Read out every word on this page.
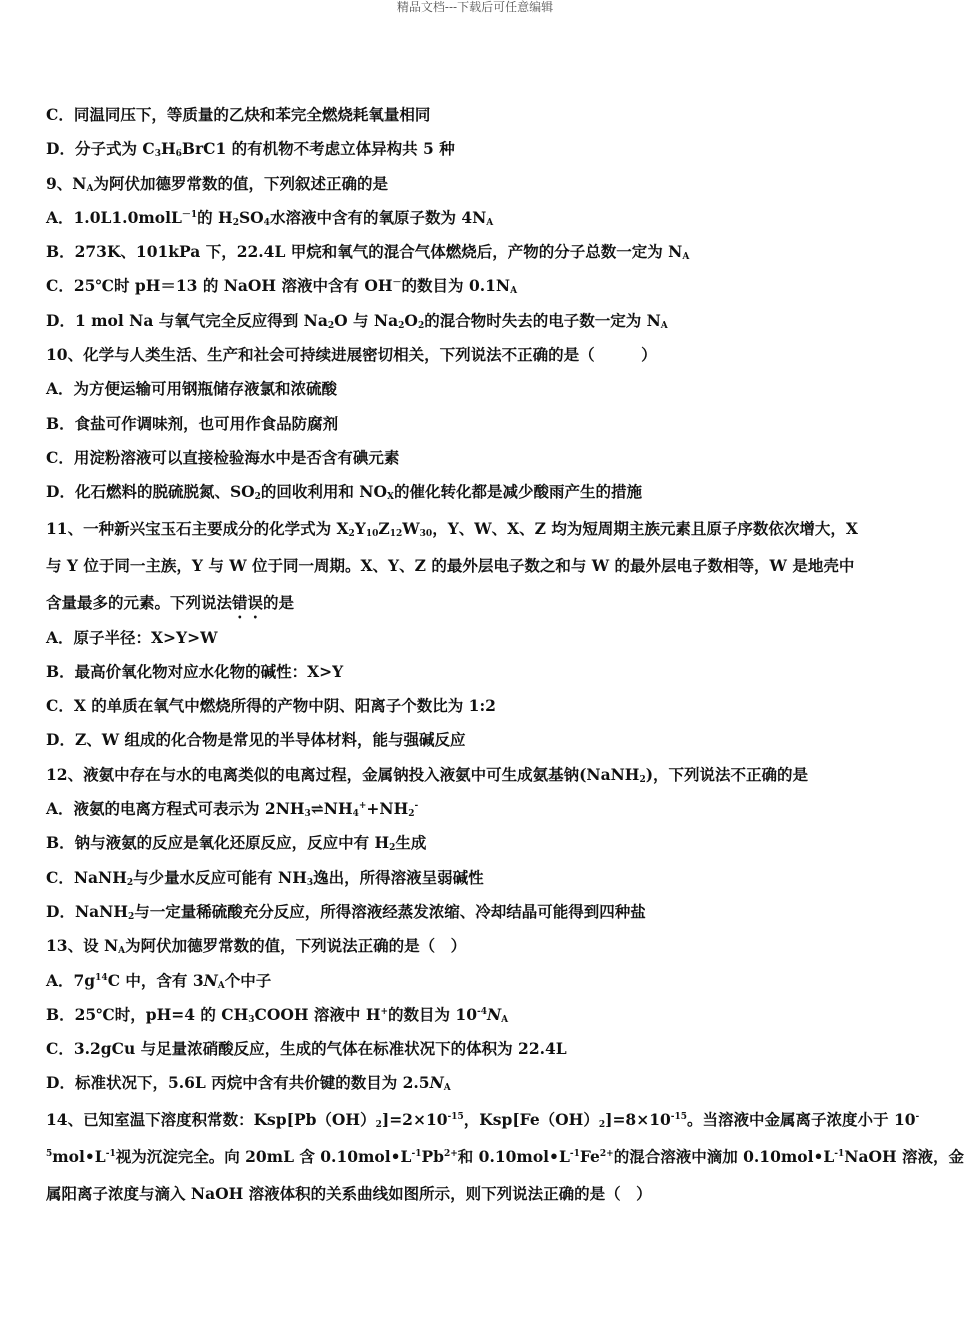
精品文档---下载后可任意编辑
C．同温同压下，等质量的乙炔和苯完全燃烧耗氧量相同
D．分子式为 $C_3H_6BrC1$ 的有机物不考虑立体异构共 5 种
9、$N_A$为阿伏加德罗常数的值，下列叙述正确的是
A．1.0L1.0molL$^{-1}$的 $H_2SO_4$水溶液中含有的氧原子数为 $4N_A$
B．273K、101kPa 下，22.4L 甲烷和氧气的混合气体燃烧后，产物的分子总数一定为 $N_A$
C．25℃时 pH＝13 的 NaOH 溶液中含有 OH－的数目为 $0.1N_A$
D．1 mol Na 与氧气完全反应得到 $Na_2O$ 与 $Na_2O_2$的混合物时失去的电子数一定为 $N_A$
10、化学与人类生活、生产和社会可持续进展密切相关，下列说法不正确的是（　　　）
A．为方便运输可用钢瓶储存液氯和浓硫酸
B．食盐可作调味剂，也可用作食品防腐剂
C．用淀粉溶液可以直接检验海水中是否含有碘元素
D．化石燃料的脱硫脱氮、$SO_2$的回收利用和 $NO_X$的催化转化都是减少酸雨产生的措施
11、一种新兴宝玉石主要成分的化学式为 $X_2Y_{10}Z_{12}W_{30}$，Y、W、X、Z 均为短周期主族元素且原子序数依次增大，X
与 Y 位于同一主族，Y 与 W 位于同一周期。X、Y、Z 的最外层电子数之和与 W 的最外层电子数相等，W 是地壳中
含量最多的元素。下列说法错误的是
A．原子半径：X>Y>W
B．最高价氧化物对应水化物的碱性：X>Y
C．X 的单质在氧气中燃烧所得的产物中阴、阳离子个数比为 1:2
D．Z、W 组成的化合物是常见的半导体材料，能与强碱反应
12、液氨中存在与水的电离类似的电离过程，金属钠投入液氨中可生成氨基钠(NaNH$_2$)，下列说法不正确的是
A．液氨的电离方程式可表示为 $2NH_3\rightleftharpoons NH_4^++NH_2^-$
B．钠与液氨的反应是氧化还原反应，反应中有 $H_2$生成
C．NaNH$_2$与少量水反应可能有 $NH_3$逸出，所得溶液呈弱碱性
D．NaNH$_2$与一定量稀硫酸充分反应，所得溶液经蒸发浓缩、冷却结晶可能得到四种盐
13、设 $N_A$为阿伏加德罗常数的值，下列说法正确的是（　）
A．$7g^{14}C$ 中，含有 $3N_A$个中子
B．25℃时，pH=4 的 $CH_3COOH$ 溶液中 H+的数目为 $10^{-4}N_A$
C．3.2gCu 与足量浓硝酸反应，生成的气体在标准状况下的体积为 22.4L
D．标准状况下，5.6L 丙烷中含有共价键的数目为 $2.5N_A$
14、已知室温下溶度积常数：$Ksp[Pb(OH)_2]=2\times 10^{-15}$，$Ksp[Fe(OH)_2]=8\times 10^{-15}$。当溶液中金属离子浓度小于 10-
$^5mol•L^{-1}$视为沉淀完全。向 20mL 含 $0.10mol•L^{-1}Pb^{2+}$和 $0.10mol•L^{-1}Fe^{2+}$的混合溶液中滴加 $0.10mol•L^{-1}NaOH$ 溶液，金
属阳离子浓度与滴入 NaOH 溶液体积的关系曲线如图所示，则下列说法正确的是（　）
